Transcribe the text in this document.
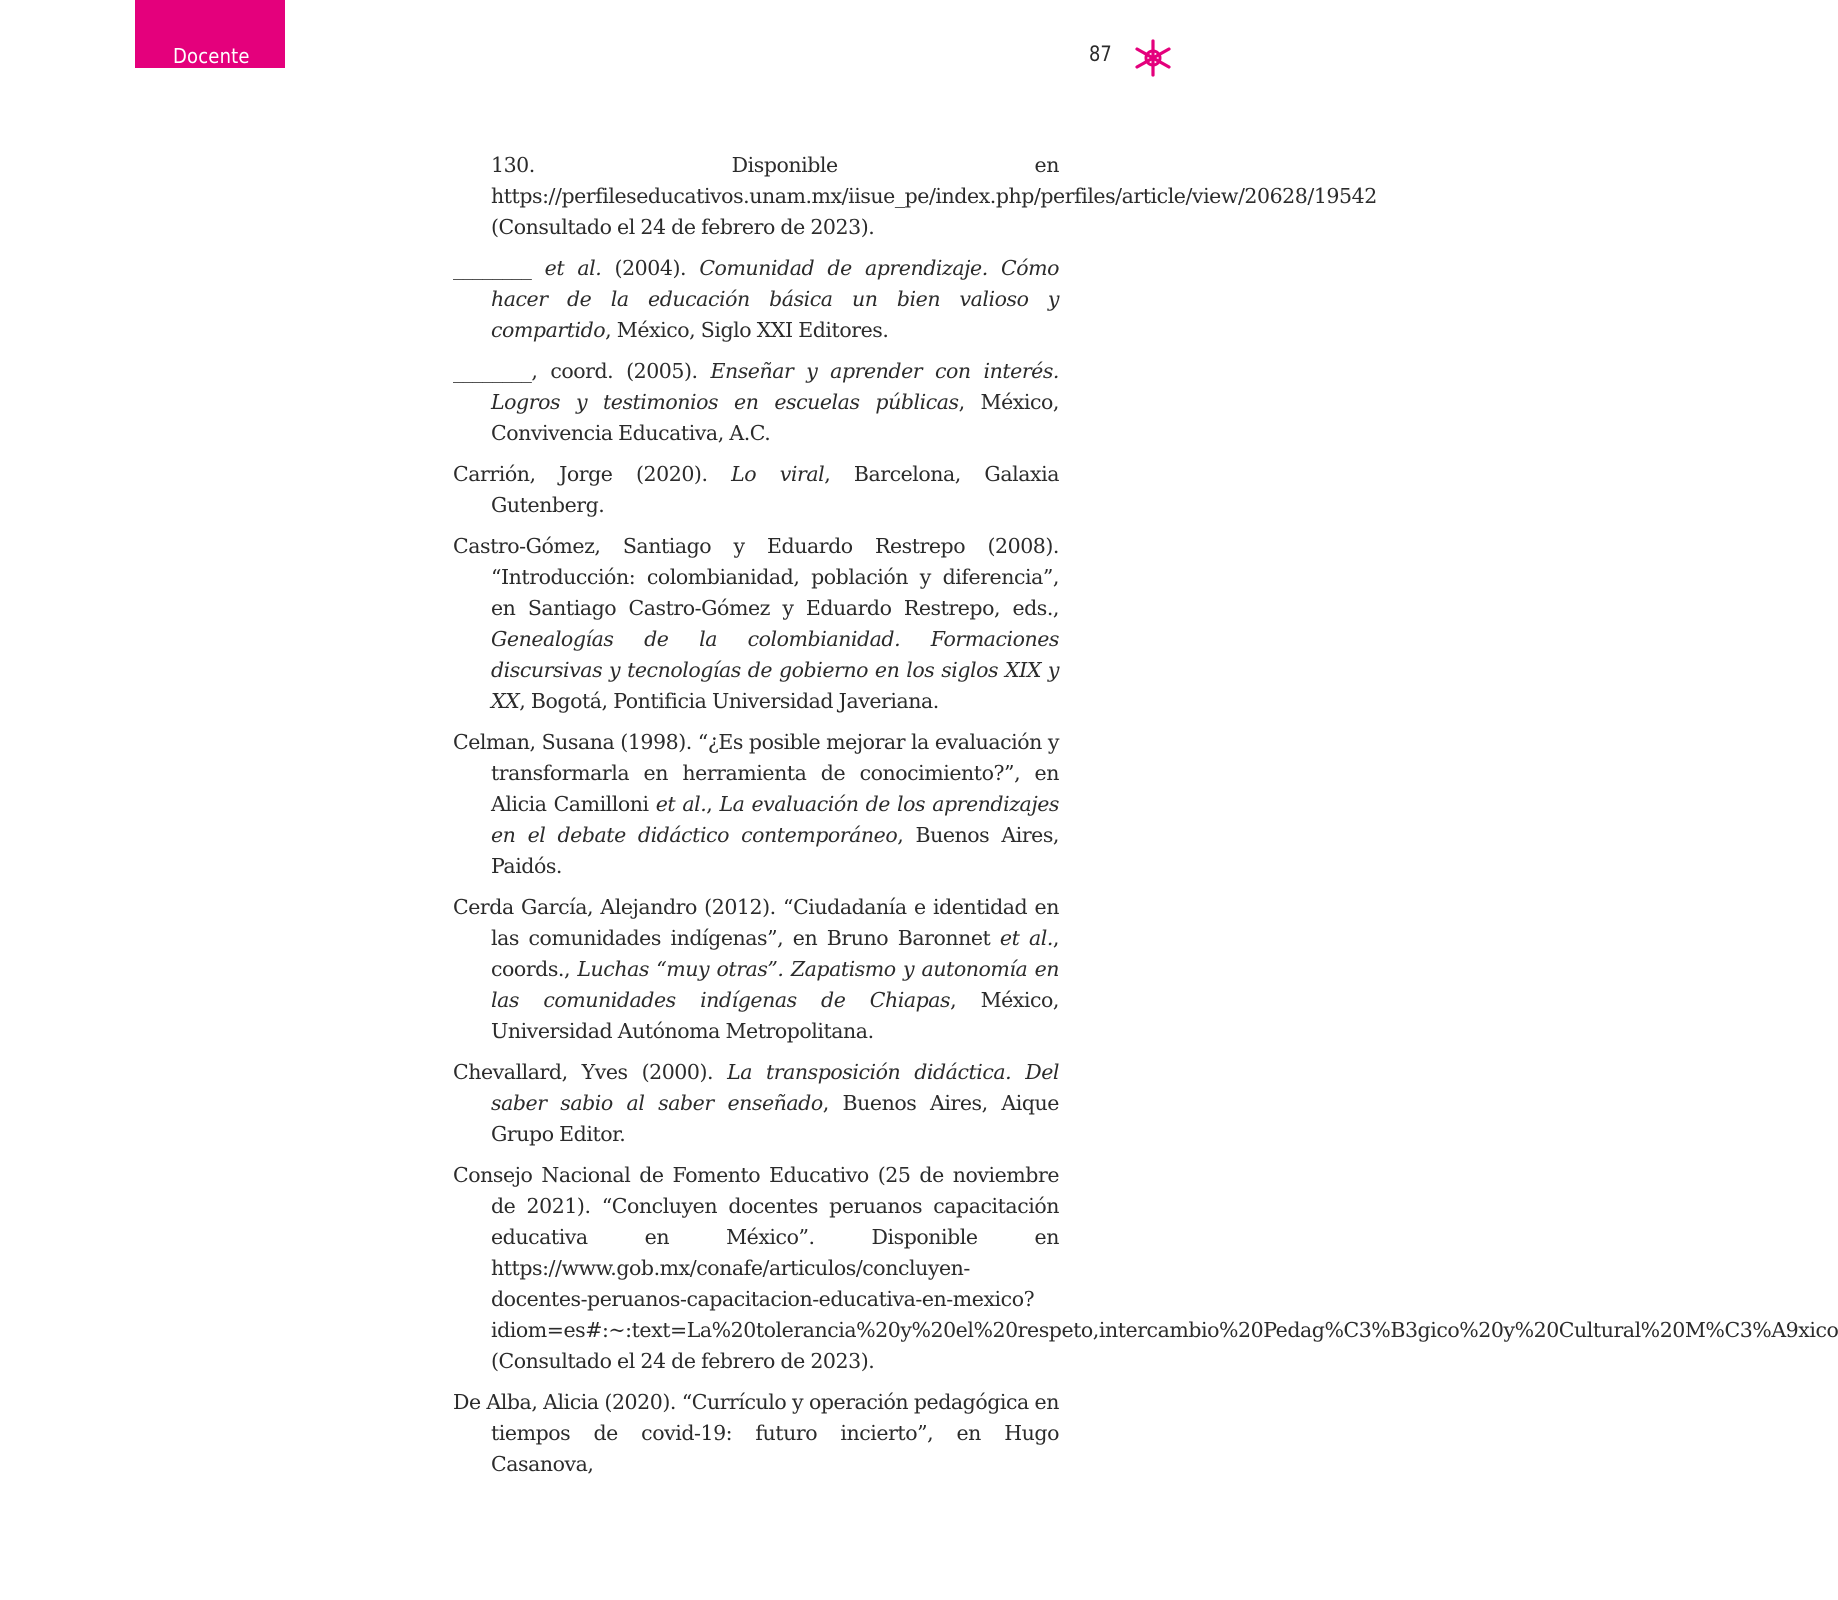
Docente	87

130. Disponible en https://perfileseducativos.unam.mx/iisue_pe/index.php/perfiles/article/view/20628/19542 (Consultado el 24 de febrero de 2023).

________ et al. (2004). Comunidad de aprendizaje. Cómo hacer de la educación básica un bien valioso y compartido, México, Siglo XXI Editores.

________, coord. (2005). Enseñar y aprender con interés. Logros y testimonios en escuelas públicas, México, Convivencia Educativa, A.C.

Carrión, Jorge (2020). Lo viral, Barcelona, Galaxia Gutenberg.

Castro-Gómez, Santiago y Eduardo Restrepo (2008). “Introducción: colombianidad, población y diferencia”, en Santiago Castro-Gómez y Eduardo Restrepo, eds., Genealogías de la colombianidad. Formaciones discursivas y tecnologías de gobierno en los siglos XIX y XX, Bogotá, Pontificia Universidad Javeriana.

Celman, Susana (1998). “¿Es posible mejorar la evaluación y transformarla en herramienta de conocimiento?”, en Alicia Camilloni et al., La evaluación de los aprendizajes en el debate didáctico contemporáneo, Buenos Aires, Paidós.

Cerda García, Alejandro (2012). “Ciudadanía e identidad en las comunidades indígenas”, en Bruno Baronnet et al., coords., Luchas “muy otras”. Zapatismo y autonomía en las comunidades indígenas de Chiapas, México, Universidad Autónoma Metropolitana.

Chevallard, Yves (2000). La transposición didáctica. Del saber sabio al saber enseñado, Buenos Aires, Aique Grupo Editor.

Consejo Nacional de Fomento Educativo (25 de noviembre de 2021). “Concluyen docentes peruanos capacitación educativa en México”. Disponible en https://www.gob.mx/conafe/articulos/concluyen-docentes-peruanos-capacitacion-educativa-en-mexico?idiom=es#:~:text=La%20tolerancia%20y%20el%20respeto,intercambio%20Pedag%C3%B3gico%20y%20Cultural%20M%C3%A9xico (Consultado el 24 de febrero de 2023).

De Alba, Alicia (2020). “Currículo y operación pedagógica en tiempos de covid-19: futuro incierto”, en Hugo Casanova,
